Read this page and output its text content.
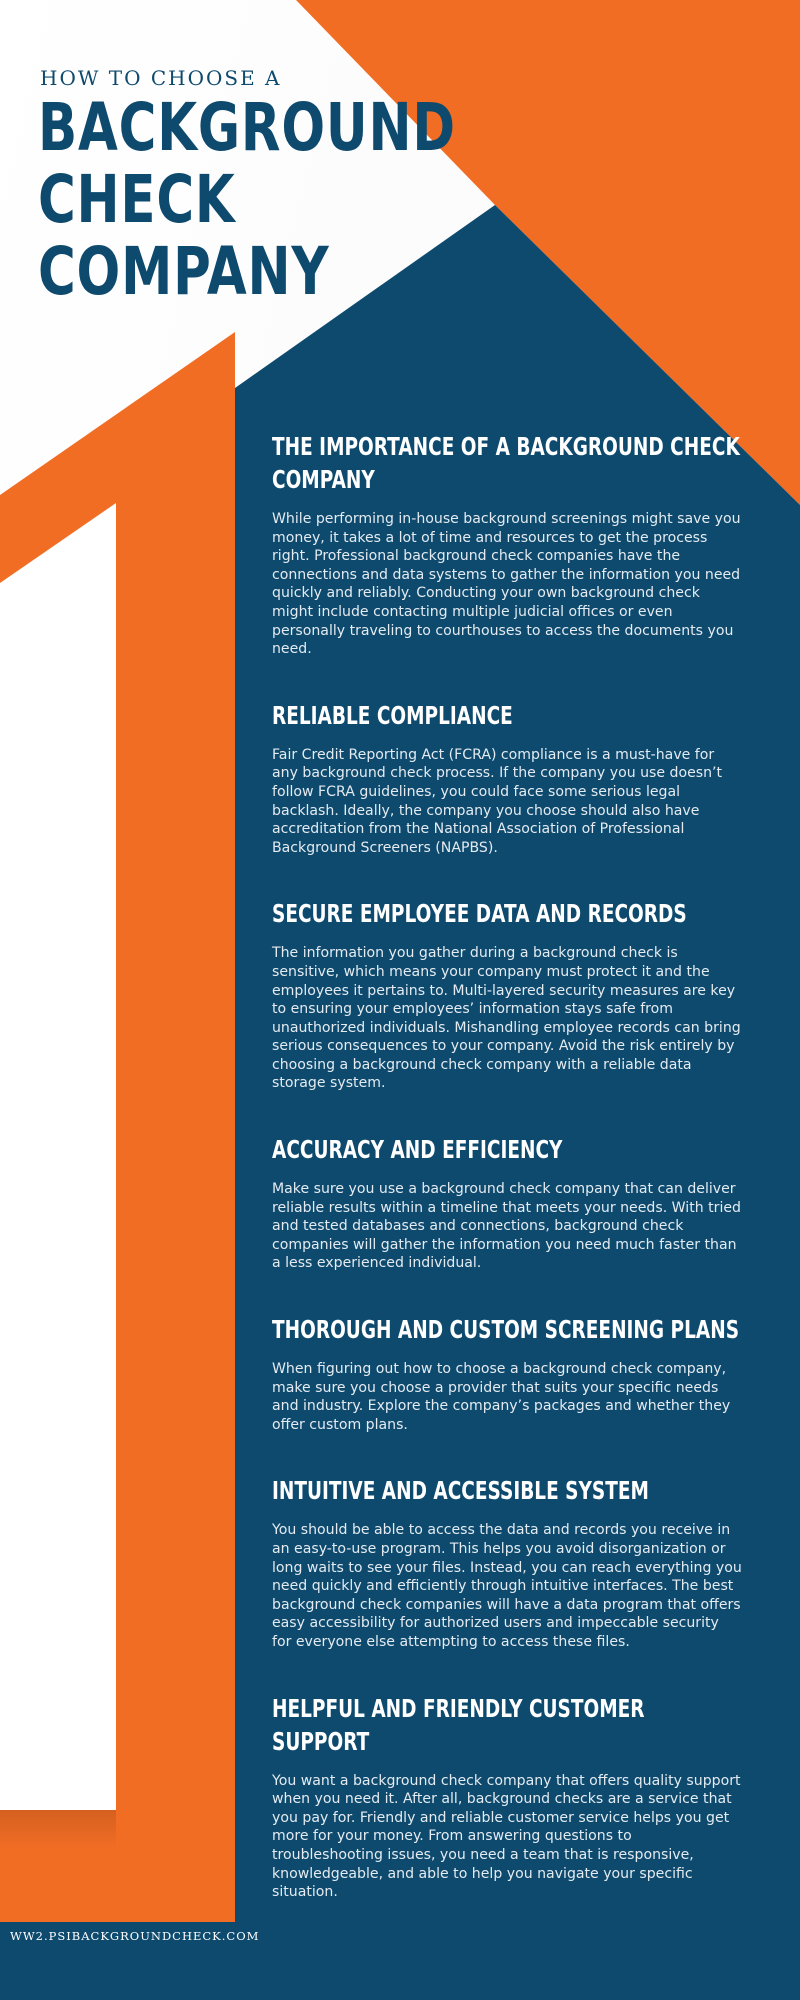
HOW TO CHOOSE A
BACKGROUND
CHECK
COMPANY
THE IMPORTANCE OF A BACKGROUND CHECK COMPANY

While performing in-house background screenings might save you money, it takes a lot of time and resources to get the process right. Professional background check companies have the connections and data systems to gather the information you need quickly and reliably. Conducting your own background check might include contacting multiple judicial offices or even personally traveling to courthouses to access the documents you need.

RELIABLE COMPLIANCE

Fair Credit Reporting Act (FCRA) compliance is a must-have for any background check process. If the company you use doesn’t follow FCRA guidelines, you could face some serious legal backlash. Ideally, the company you choose should also have accreditation from the National Association of Professional Background Screeners (NAPBS).

SECURE EMPLOYEE DATA AND RECORDS

The information you gather during a background check is sensitive, which means your company must protect it and the employees it pertains to. Multi-layered security measures are key to ensuring your employees’ information stays safe from unauthorized individuals. Mishandling employee records can bring serious consequences to your company. Avoid the risk entirely by choosing a background check company with a reliable data storage system.

ACCURACY AND EFFICIENCY

Make sure you use a background check company that can deliver reliable results within a timeline that meets your needs. With tried and tested databases and connections, background check companies will gather the information you need much faster than a less experienced individual.

THOROUGH AND CUSTOM SCREENING PLANS

When figuring out how to choose a background check company, make sure you choose a provider that suits your specific needs and industry. Explore the company’s packages and whether they offer custom plans.

INTUITIVE AND ACCESSIBLE SYSTEM

You should be able to access the data and records you receive in an easy-to-use program. This helps you avoid disorganization or long waits to see your files. Instead, you can reach everything you need quickly and efficiently through intuitive interfaces. The best background check companies will have a data program that offers easy accessibility for authorized users and impeccable security for everyone else attempting to access these files.

HELPFUL AND FRIENDLY CUSTOMER SUPPORT

You want a background check company that offers quality support when you need it. After all, background checks are a service that you pay for. Friendly and reliable customer service helps you get more for your money. From answering questions to troubleshooting issues, you need a team that is responsive, knowledgeable, and able to help you navigate your specific situation.

WW2.PSIBACKGROUNDCHECK.COM
